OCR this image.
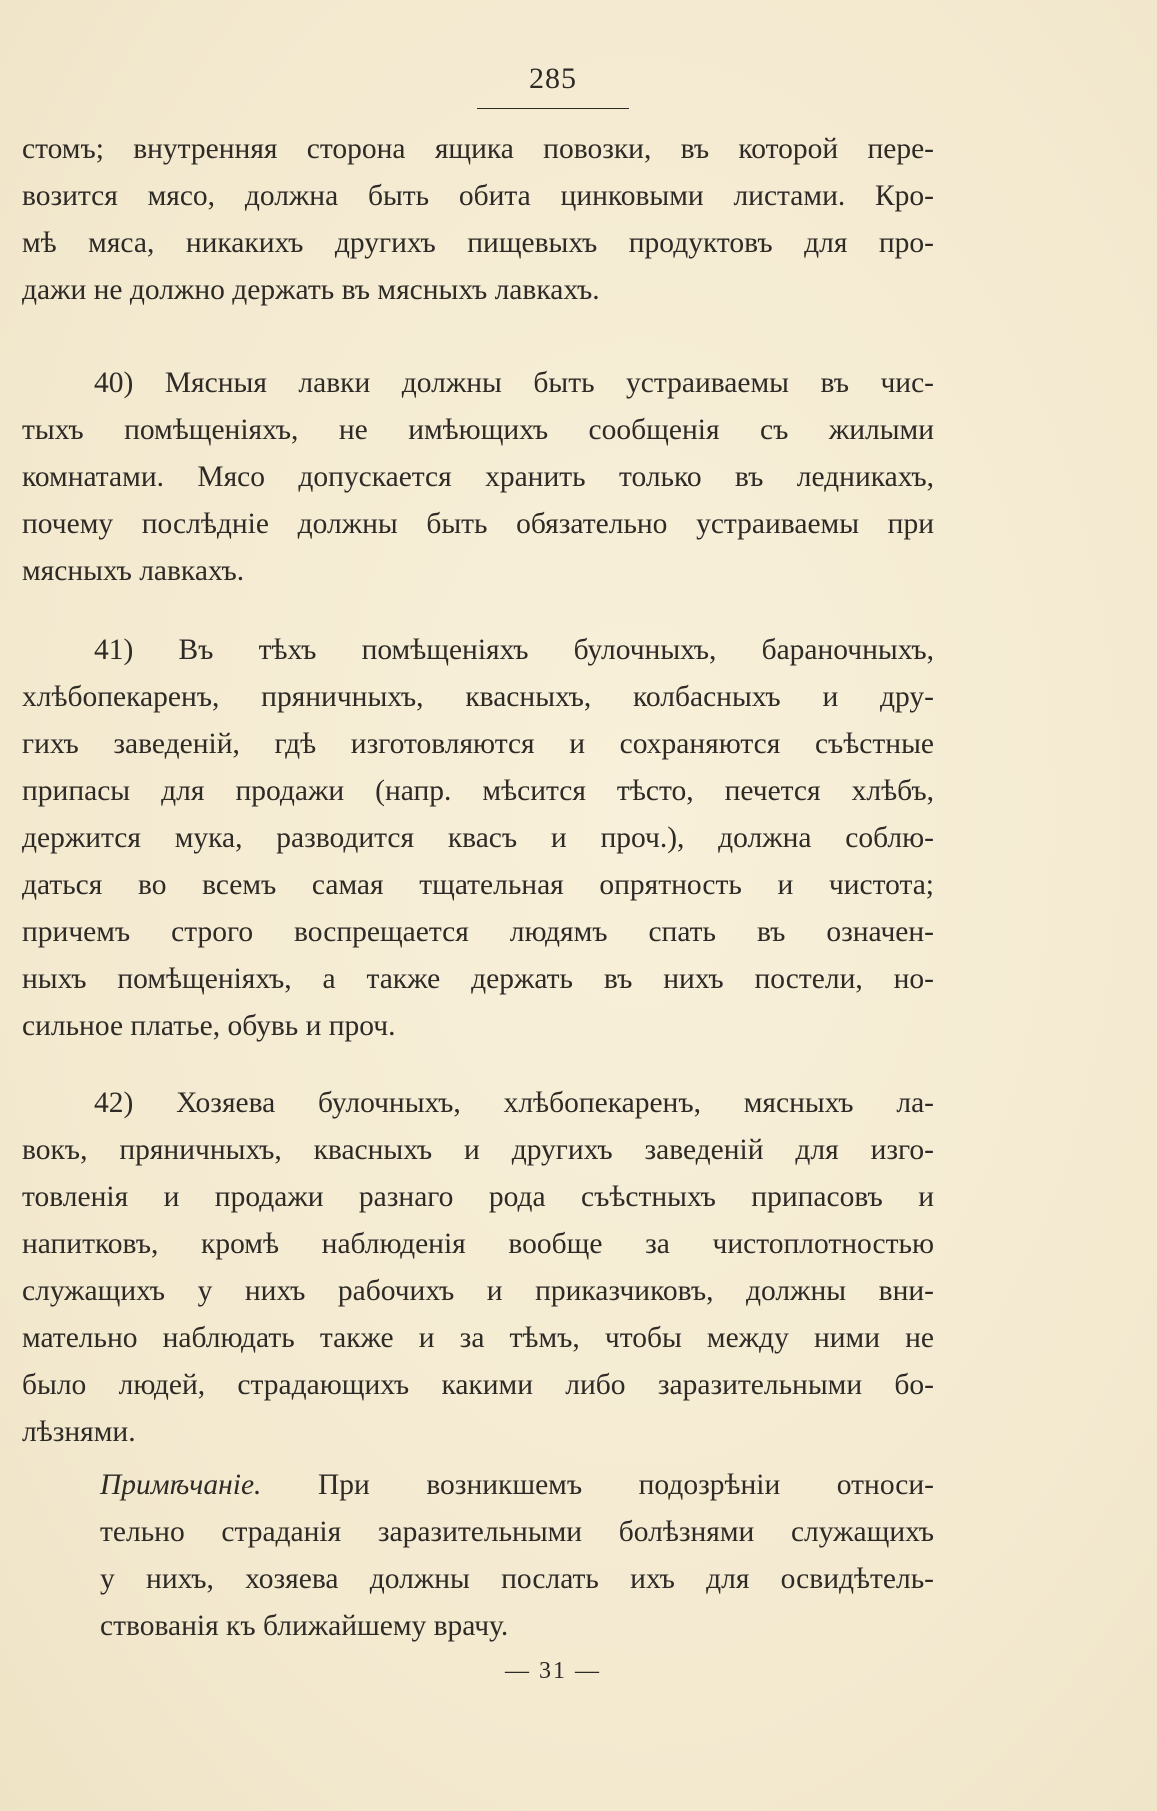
285
стомъ; внутренняя сторона ящика повозки, въ которой пере-
возится мясо, должна быть обита цинковыми листами. Кро-
мѣ мяса, никакихъ другихъ пищевыхъ продуктовъ для про-
дажи не должно держать въ мясныхъ лавкахъ.
40) Мясныя лавки должны быть устраиваемы въ чис-
тыхъ помѣщеніяхъ, не имѣющихъ сообщенія съ жилыми
комнатами. Мясо допускается хранить только въ ледникахъ,
почему послѣдніе должны быть обязательно устраиваемы при
мясныхъ лавкахъ.
41) Въ тѣхъ помѣщеніяхъ булочныхъ, бараночныхъ,
хлѣбопекаренъ, пряничныхъ, квасныхъ, колбасныхъ и дру-
гихъ заведеній, гдѣ изготовляются и сохраняются съѣстные
припасы для продажи (напр. мѣсится тѣсто, печется хлѣбъ,
держится мука, разводится квасъ и проч.), должна соблю-
даться во всемъ самая тщательная опрятность и чистота;
причемъ строго воспрещается людямъ спать въ означен-
ныхъ помѣщеніяхъ, а также держать въ нихъ постели, но-
сильное платье, обувь и проч.
42) Хозяева булочныхъ, хлѣбопекаренъ, мясныхъ ла-
вокъ, пряничныхъ, квасныхъ и другихъ заведеній для изго-
товленія и продажи разнаго рода съѣстныхъ припасовъ и
напитковъ, кромѣ наблюденія вообще за чистоплотностью
служащихъ у нихъ рабочихъ и приказчиковъ, должны вни-
мательно наблюдать также и за тѣмъ, чтобы между ними не
было людей, страдающихъ какими либо заразительными бо-
лѣзнями.
Примѣчаніе. При возникшемъ подозрѣніи относи-
тельно страданія заразительными болѣзнями служащихъ
у нихъ, хозяева должны послать ихъ для освидѣтель-
ствованія къ ближайшему врачу.
— 31 —
